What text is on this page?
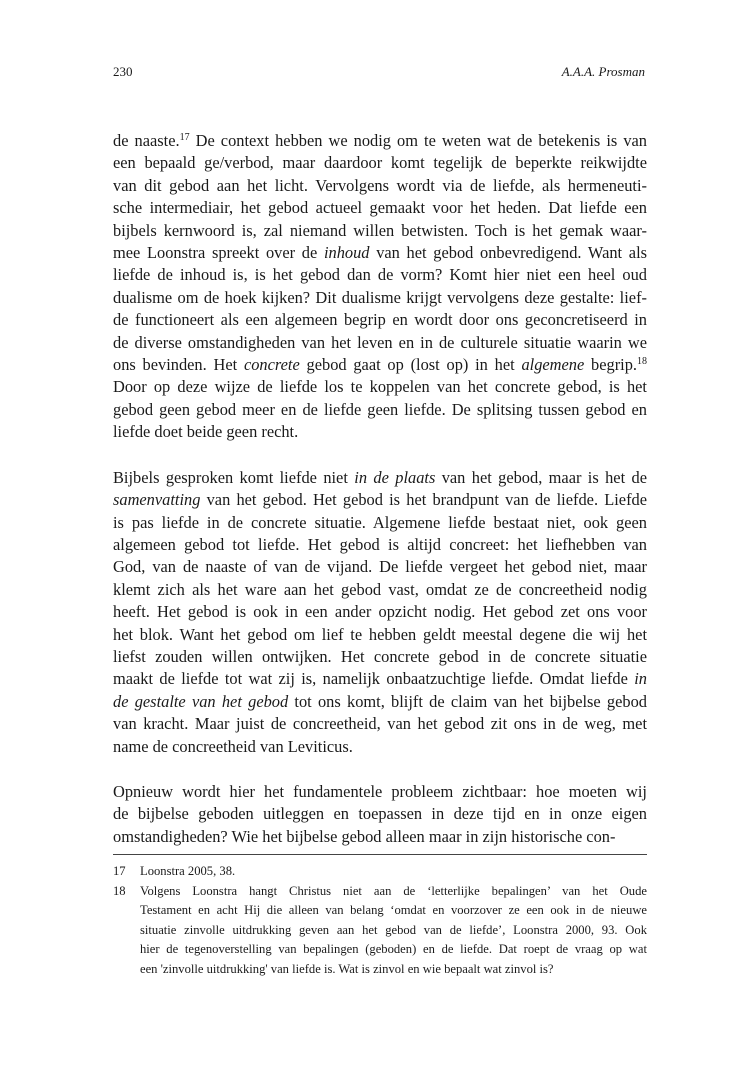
230	A.A.A. Prosman

de naaste.$^{17}$ De context hebben we nodig om te weten wat de betekenis is van
een bepaald ge/verbod, maar daardoor komt tegelijk de beperkte reikwijdte
van dit gebod aan het licht. Vervolgens wordt via de liefde, als hermeneuti-
sche intermediair, het gebod actueel gemaakt voor het heden. Dat liefde een
bijbels kernwoord is, zal niemand willen betwisten. Toch is het gemak waar-
mee Loonstra spreekt over de inhoud van het gebod onbevredigend. Want als
liefde de inhoud is, is het gebod dan de vorm? Komt hier niet een heel oud
dualisme om de hoek kijken? Dit dualisme krijgt vervolgens deze gestalte: lief-
de functioneert als een algemeen begrip en wordt door ons geconcretiseerd in
de diverse omstandigheden van het leven en in de culturele situatie waarin we
ons bevinden. Het concrete gebod gaat op (lost op) in het algemene begrip.$^{18}$
Door op deze wijze de liefde los te koppelen van het concrete gebod, is het
gebod geen gebod meer en de liefde geen liefde. De splitsing tussen gebod en
liefde doet beide geen recht.

Bijbels gesproken komt liefde niet in de plaats van het gebod, maar is het de
samenvatting van het gebod. Het gebod is het brandpunt van de liefde. Liefde
is pas liefde in de concrete situatie. Algemene liefde bestaat niet, ook geen
algemeen gebod tot liefde. Het gebod is altijd concreet: het liefhebben van
God, van de naaste of van de vijand. De liefde vergeet het gebod niet, maar
klemt zich als het ware aan het gebod vast, omdat ze de concreetheid nodig
heeft. Het gebod is ook in een ander opzicht nodig. Het gebod zet ons voor
het blok. Want het gebod om lief te hebben geldt meestal degene die wij het
liefst zouden willen ontwijken. Het concrete gebod in de concrete situatie
maakt de liefde tot wat zij is, namelijk onbaatzuchtige liefde. Omdat liefde in
de gestalte van het gebod tot ons komt, blijft de claim van het bijbelse gebod
van kracht. Maar juist de concreetheid, van het gebod zit ons in de weg, met
name de concreetheid van Leviticus.

Opnieuw wordt hier het fundamentele probleem zichtbaar: hoe moeten wij
de bijbelse geboden uitleggen en toepassen in deze tijd en in onze eigen
omstandigheden? Wie het bijbelse gebod alleen maar in zijn historische con-

17	Loonstra 2005, 38.
18	Volgens Loonstra hangt Christus niet aan de ‘letterlijke bepalingen’ van het Oude
Testament en acht Hij die alleen van belang ‘omdat en voorzover ze een ook in de nieuwe
situatie zinvolle uitdrukking geven aan het gebod van de liefde’, Loonstra 2000, 93. Ook
hier de tegenoverstelling van bepalingen (geboden) en de liefde. Dat roept de vraag op wat
een 'zinvolle uitdrukking' van liefde is. Wat is zinvol en wie bepaalt wat zinvol is?
